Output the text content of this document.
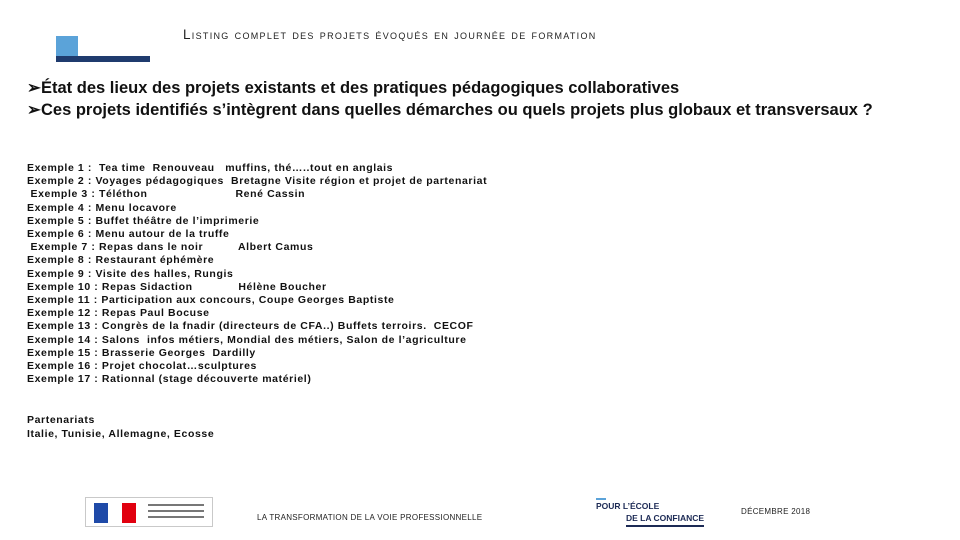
Listing complet des projets évoqués en journée de formation
➢État des lieux des projets existants et des pratiques pédagogiques collaboratives
➢Ces projets identifiés s’intègrent dans quelles démarches ou quels projets plus globaux et transversaux ?
Exemple 1 :  Tea time  Renouveau   muffins, thé…..tout en anglais
Exemple 2 : Voyages pédagogiques  Bretagne Visite région et projet de partenariat
Exemple 3 : Téléthon                         René Cassin
Exemple 4 : Menu locavore
Exemple 5 : Buffet théâtre de l’imprimerie
Exemple 6 : Menu autour de la truffe
Exemple 7 : Repas dans le noir          Albert Camus
Exemple 8 : Restaurant éphémère
Exemple 9 : Visite des halles, Rungis
Exemple 10 : Repas Sidaction             Hélène Boucher
Exemple 11 : Participation aux concours, Coupe Georges Baptiste
Exemple 12 : Repas Paul Bocuse
Exemple 13 : Congrès de la fnadir (directeurs de CFA..) Buffets terroirs.  CECOF
Exemple 14 : Salons  infos métiers, Mondial des métiers, Salon de l’agriculture
Exemple 15 : Brasserie Georges  Dardilly
Exemple 16 : Projet chocolat…sculptures
Exemple 17 : Rationnal (stage découverte matériel)
Partenariats
Italie, Tunisie, Allemagne, Ecosse
LA TRANSFORMATION DE LA VOIE PROFESSIONNELLE
POUR L’ÉCOLE
DE LA CONFIANCE
DÉCEMBRE 2018
